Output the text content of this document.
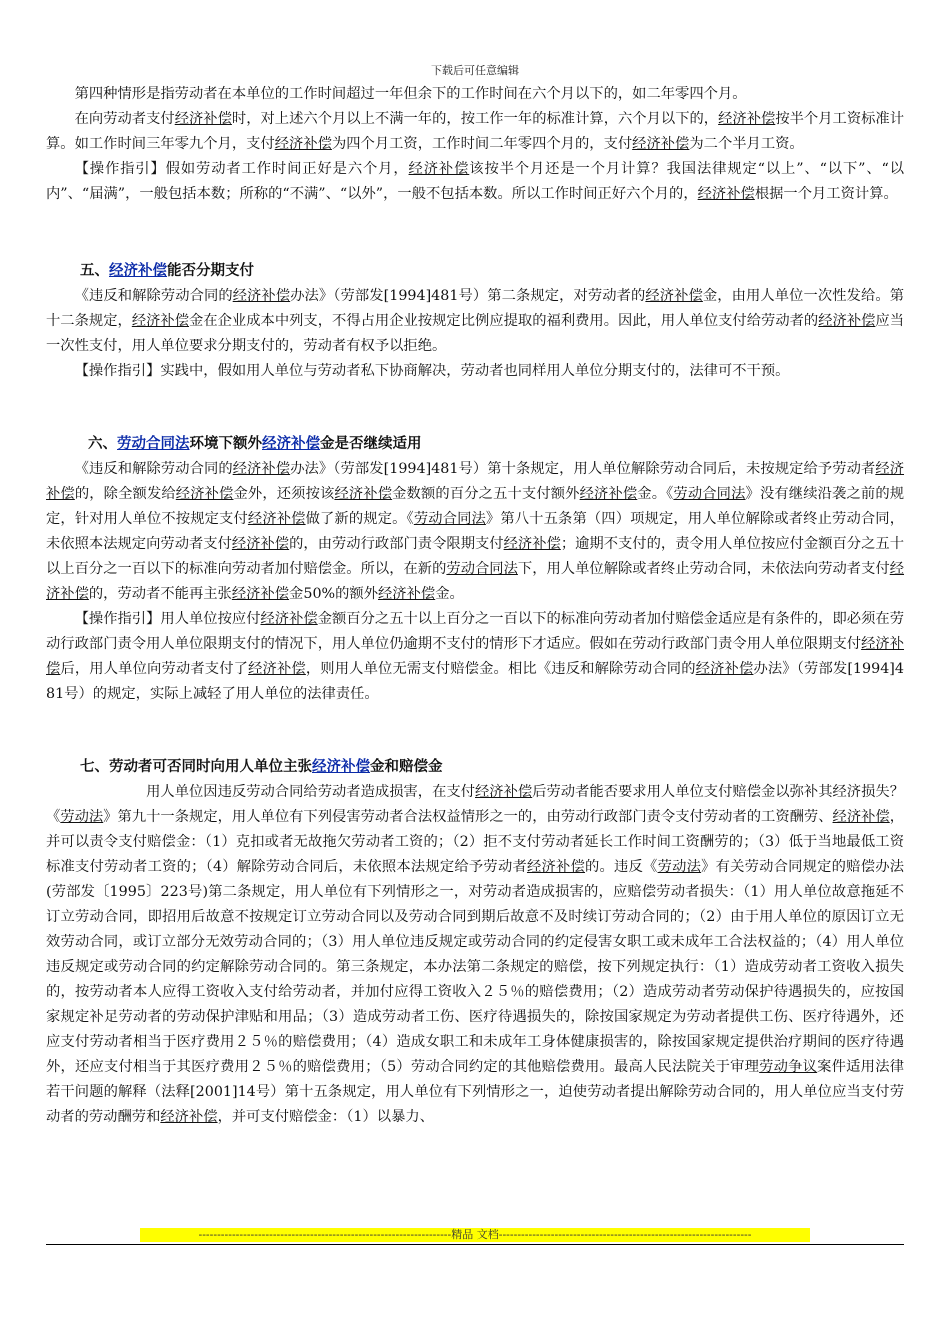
下载后可任意编辑

第四种情形是指劳动者在本单位的工作时间超过一年但余下的工作时间在六个月以下的，如二年零四个月。

在向劳动者支付经济补偿时，对上述六个月以上不满一年的，按工作一年的标准计算，六个月以下的，经济补偿按半个月工资标准计算。如工作时间三年零九个月，支付经济补偿为四个月工资，工作时间二年零四个月的，支付经济补偿为二个半月工资。

【操作指引】假如劳动者工作时间正好是六个月，经济补偿该按半个月还是一个月计算？我国法律规定“以上”、“以下”、“以内”、“届满”，一般包括本数；所称的“不满”、“以外”，一般不包括本数。所以工作时间正好六个月的，经济补偿根据一个月工资计算。

五、经济补偿能否分期支付

《违反和解除劳动合同的经济补偿办法》（劳部发[1994]481号）第二条规定，对劳动者的经济补偿金，由用人单位一次性发给。第十二条规定，经济补偿金在企业成本中列支，不得占用企业按规定比例应提取的福利费用。因此，用人单位支付给劳动者的经济补偿应当一次性支付，用人单位要求分期支付的，劳动者有权予以拒绝。

【操作指引】实践中，假如用人单位与劳动者私下协商解决，劳动者也同样用人单位分期支付的，法律可不干预。

六、劳动合同法环境下额外经济补偿金是否继续适用

《违反和解除劳动合同的经济补偿办法》（劳部发[1994]481号）第十条规定，用人单位解除劳动合同后，未按规定给予劳动者经济补偿的，除全额发给经济补偿金外，还须按该经济补偿金数额的百分之五十支付额外经济补偿金。《劳动合同法》没有继续沿袭之前的规定，针对用人单位不按规定支付经济补偿做了新的规定。《劳动合同法》第八十五条第（四）项规定，用人单位解除或者终止劳动合同，未依照本法规定向劳动者支付经济补偿的，由劳动行政部门责令限期支付经济补偿；逾期不支付的，责令用人单位按应付金额百分之五十以上百分之一百以下的标准向劳动者加付赔偿金。所以，在新的劳动合同法下，用人单位解除或者终止劳动合同，未依法向劳动者支付经济补偿的，劳动者不能再主张经济补偿金50%的额外经济补偿金。

【操作指引】用人单位按应付经济补偿金额百分之五十以上百分之一百以下的标准向劳动者加付赔偿金适应是有条件的，即必须在劳动行政部门责令用人单位限期支付的情况下，用人单位仍逾期不支付的情形下才适应。假如在劳动行政部门责令用人单位限期支付经济补偿后，用人单位向劳动者支付了经济补偿，则用人单位无需支付赔偿金。相比《违反和解除劳动合同的经济补偿办法》（劳部发[1994]481号）的规定，实际上减轻了用人单位的法律责任。

七、劳动者可否同时向用人单位主张经济补偿金和赔偿金

用人单位因违反劳动合同给劳动者造成损害，在支付经济补偿后劳动者能否要求用人单位支付赔偿金以弥补其经济损失？《劳动法》第九十一条规定，用人单位有下列侵害劳动者合法权益情形之一的，由劳动行政部门责令支付劳动者的工资酬劳、经济补偿，并可以责令支付赔偿金：（1）克扣或者无故拖欠劳动者工资的；（2）拒不支付劳动者延长工作时间工资酬劳的；（3）低于当地最低工资标准支付劳动者工资的；（4）解除劳动合同后，未依照本法规定给予劳动者经济补偿的。违反《劳动法》有关劳动合同规定的赔偿办法(劳部发〔1995〕223号)第二条规定，用人单位有下列情形之一，对劳动者造成损害的，应赔偿劳动者损失：（1）用人单位故意拖延不订立劳动合同，即招用后故意不按规定订立劳动合同以及劳动合同到期后故意不及时续订劳动合同的；（2）由于用人单位的原因订立无效劳动合同，或订立部分无效劳动合同的；（3）用人单位违反规定或劳动合同的约定侵害女职工或未成年工合法权益的；（4）用人单位违反规定或劳动合同的约定解除劳动合同的。第三条规定，本办法第二条规定的赔偿，按下列规定执行：（1）造成劳动者工资收入损失的，按劳动者本人应得工资收入支付给劳动者，并加付应得工资收入２５％的赔偿费用；（2）造成劳动者劳动保护待遇损失的，应按国家规定补足劳动者的劳动保护津贴和用品；（3）造成劳动者工伤、医疗待遇损失的，除按国家规定为劳动者提供工伤、医疗待遇外，还应支付劳动者相当于医疗费用２５％的赔偿费用；（4）造成女职工和未成年工身体健康损害的，除按国家规定提供治疗期间的医疗待遇外，还应支付相当于其医疗费用２５％的赔偿费用；（5）劳动合同约定的其他赔偿费用。最高人民法院关于审理劳动争议案件适用法律若干问题的解释（法释[2001]14号）第十五条规定，用人单位有下列情形之一，迫使劳动者提出解除劳动合同的，用人单位应当支付劳动者的劳动酬劳和经济补偿，并可支付赔偿金：（1）以暴力、

--------------------------------------------------------------------精品 文档--------------------------------------------------------------------
